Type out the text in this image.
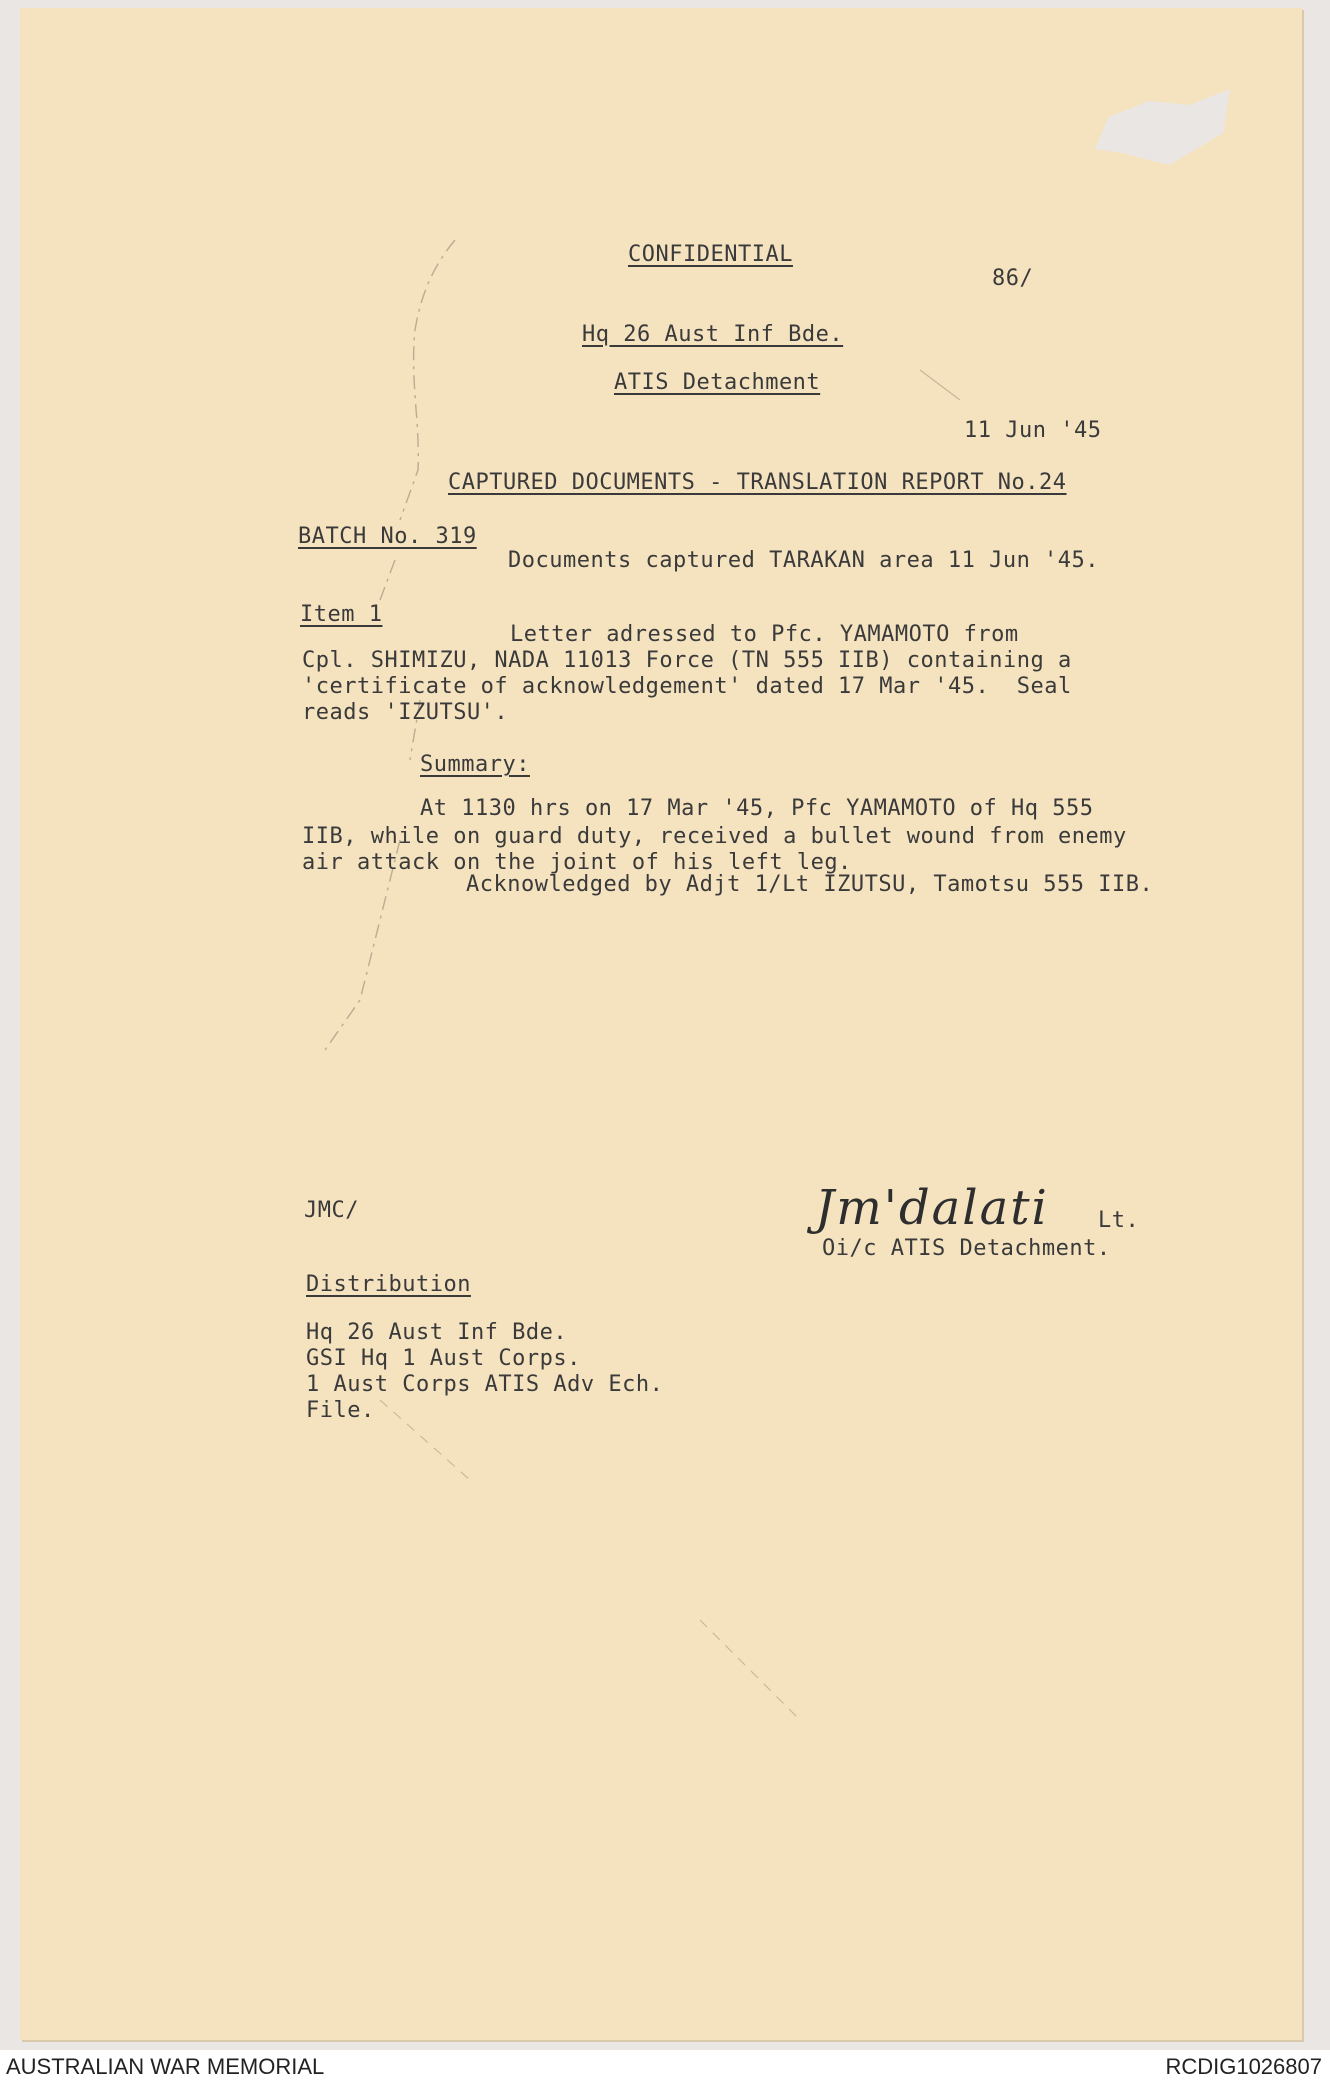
CONFIDENTIAL
86/
Hq 26 Aust Inf Bde.
ATIS Detachment
11 Jun '45
CAPTURED DOCUMENTS - TRANSLATION REPORT No.24
BATCH No. 319
Documents captured TARAKAN area 11 Jun '45.
Item 1
Letter adressed to Pfc. YAMAMOTO from
Cpl. SHIMIZU, NADA 11013 Force (TN 555 IIB) containing a
'certificate of acknowledgement' dated 17 Mar '45.  Seal
reads 'IZUTSU'.
Summary:
At 1130 hrs on 17 Mar '45, Pfc YAMAMOTO of Hq 555
IIB, while on guard duty, received a bullet wound from enemy
air attack on the joint of his left leg.
Acknowledged by Adjt 1/Lt IZUTSU, Tamotsu 555 IIB.
JMC/	Jm'dalati Lt.
Oi/c ATIS Detachment.
Distribution
Hq 26 Aust Inf Bde.
GSI Hq 1 Aust Corps.
1 Aust Corps ATIS Adv Ech.
File.
AUSTRALIAN WAR MEMORIAL	RCDIG1026807
